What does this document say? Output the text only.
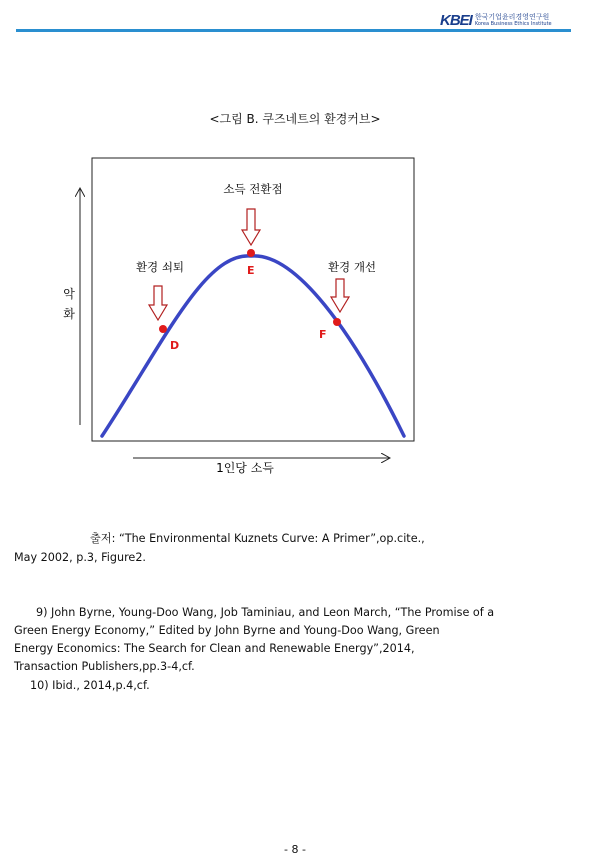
KBEI 한국기업윤리경영연구원
Korea Business Ethics Institute
<그림 B. 쿠즈네트의 환경커브>
악
화
1인당 소득
소득 전환점
환경 쇠퇴	환경 개선
D
E
F
출저: “The Environmental Kuznets Curve: A Primer”,op.cite.,
May 2002, p.3, Figure2.
9) John Byrne, Young-Doo Wang, Job Taminiau, and Leon March, “The Promise of a
Green Energy Economy,” Edited by John Byrne and Young-Doo Wang, Green
Energy Economics: The Search for Clean and Renewable Energy”,2014,
Transaction Publishers,pp.3-4,cf.
10) Ibid., 2014,p.4,cf.
- 8 -
